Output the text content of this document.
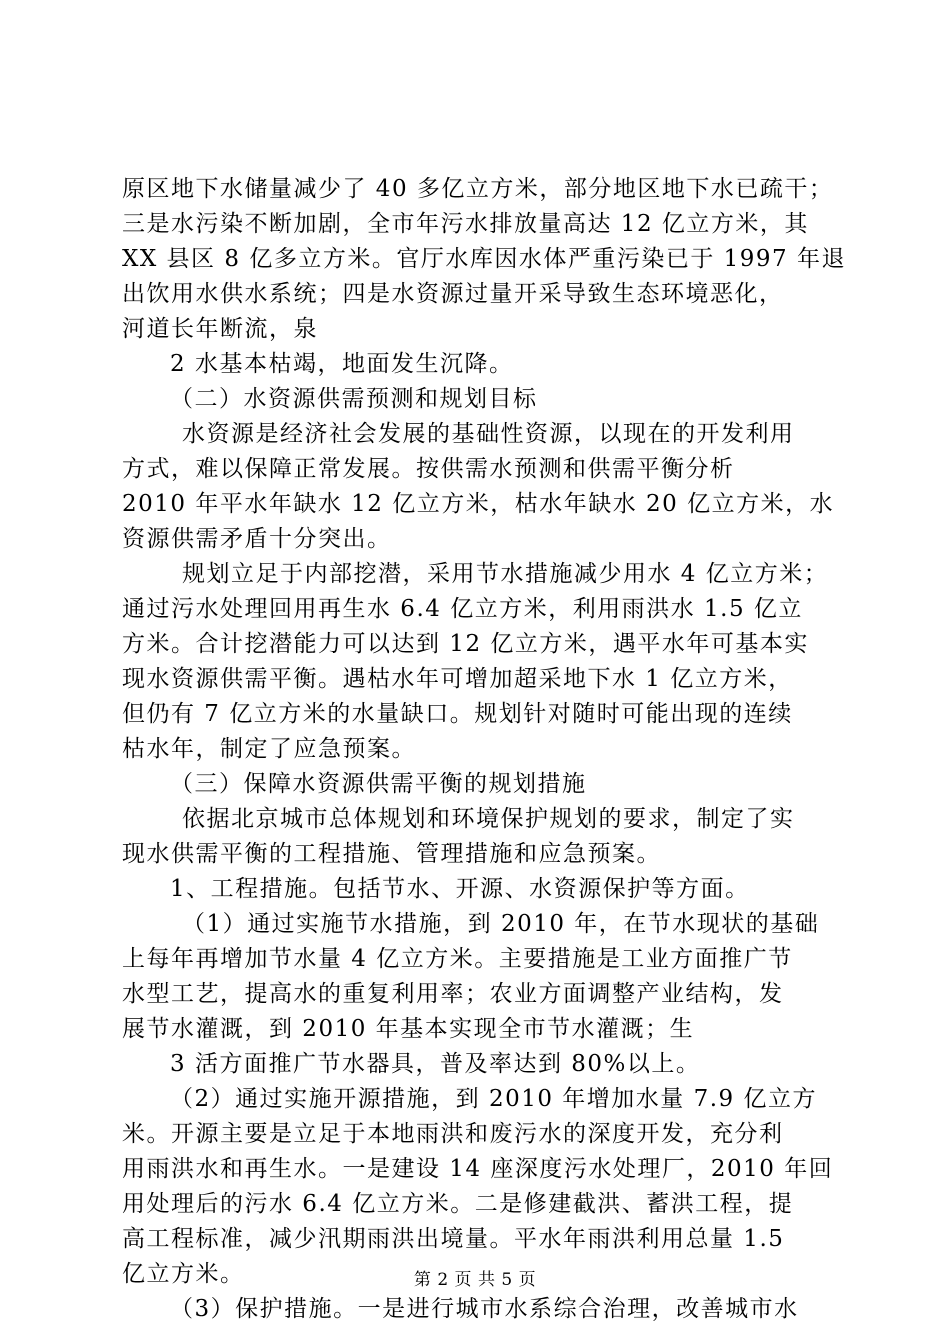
原区地下水储量减少了 40 多亿立方米，部分地区地下水已疏干；
三是水污染不断加剧，全市年污水排放量高达 12 亿立方米，其
XX 县区 8 亿多立方米。官厅水库因水体严重污染已于 1997 年退
出饮用水供水系统；四是水资源过量开采导致生态环境恶化，
河道长年断流，泉
2 水基本枯竭，地面发生沉降。
（二）水资源供需预测和规划目标
水资源是经济社会发展的基础性资源，以现在的开发利用
方式，难以保障正常发展。按供需水预测和供需平衡分析
2010 年平水年缺水 12 亿立方米，枯水年缺水 20 亿立方米，水
资源供需矛盾十分突出。
规划立足于内部挖潜，采用节水措施减少用水 4 亿立方米；
通过污水处理回用再生水 6.4 亿立方米，利用雨洪水 1.5 亿立
方米。合计挖潜能力可以达到 12 亿立方米，遇平水年可基本实
现水资源供需平衡。遇枯水年可增加超采地下水 1 亿立方米，
但仍有 7 亿立方米的水量缺口。规划针对随时可能出现的连续
枯水年，制定了应急预案。
（三）保障水资源供需平衡的规划措施
依据北京城市总体规划和环境保护规划的要求，制定了实
现水供需平衡的工程措施、管理措施和应急预案。
1、工程措施。包括节水、开源、水资源保护等方面。
（1）通过实施节水措施，到 2010 年，在节水现状的基础
上每年再增加节水量 4 亿立方米。主要措施是工业方面推广节
水型工艺，提高水的重复利用率；农业方面调整产业结构，发
展节水灌溉，到 2010 年基本实现全市节水灌溉；生
3 活方面推广节水器具，普及率达到 80%以上。
（2）通过实施开源措施，到 2010 年增加水量 7.9 亿立方
米。开源主要是立足于本地雨洪和废污水的深度开发，充分利
用雨洪水和再生水。一是建设 14 座深度污水处理厂，2010 年回
用处理后的污水 6.4 亿立方米。二是修建截洪、蓄洪工程，提
高工程标准，减少汛期雨洪出境量。平水年雨洪利用总量 1.5
亿立方米。
（3）保护措施。一是进行城市水系综合治理，改善城市水
第 2 页 共 5 页
